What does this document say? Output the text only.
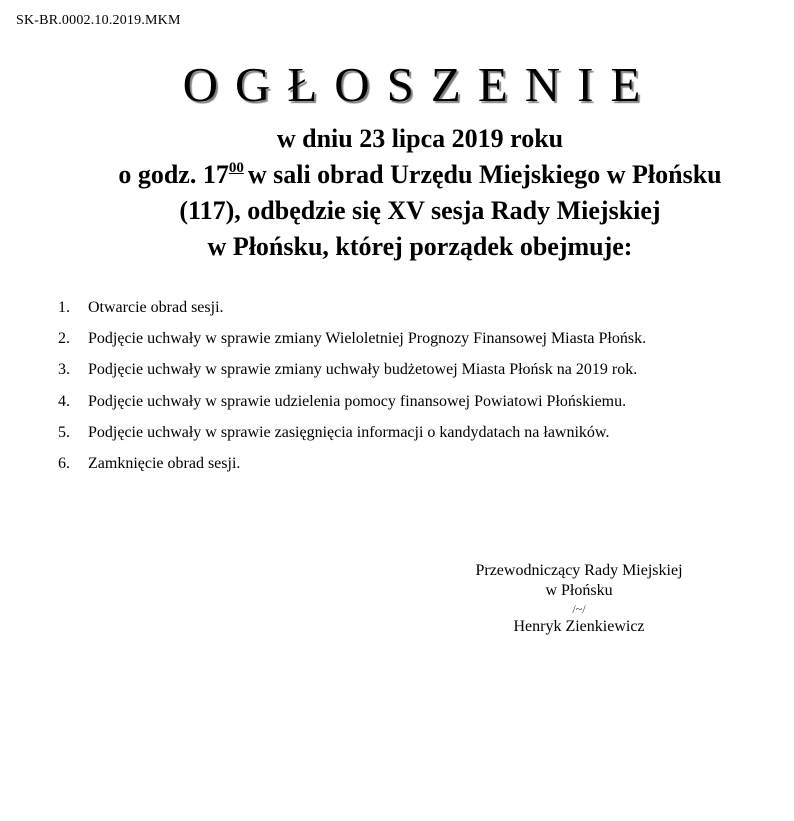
SK-BR.0002.10.2019.MKM
OGŁOSZENIE
w dniu 23 lipca 2019 roku
o godz. $17^{00}$ w sali obrad Urzędu Miejskiego w Płońsku
(117), odbędzie się XV sesja Rady Miejskiej
w Płońsku, której porządek obejmuje:
1.	Otwarcie obrad sesji.
2.	Podjęcie uchwały w sprawie zmiany Wieloletniej Prognozy Finansowej Miasta Płońsk.
3.	Podjęcie uchwały w sprawie zmiany uchwały budżetowej Miasta Płońsk na 2019 rok.
4.	Podjęcie uchwały w sprawie udzielenia pomocy finansowej Powiatowi Płońskiemu.
5.	Podjęcie uchwały w sprawie zasięgnięcia informacji o kandydatach na ławników.
6.	Zamknięcie obrad sesji.
Przewodniczący Rady Miejskiej
w Płońsku
/~/
Henryk Zienkiewicz
